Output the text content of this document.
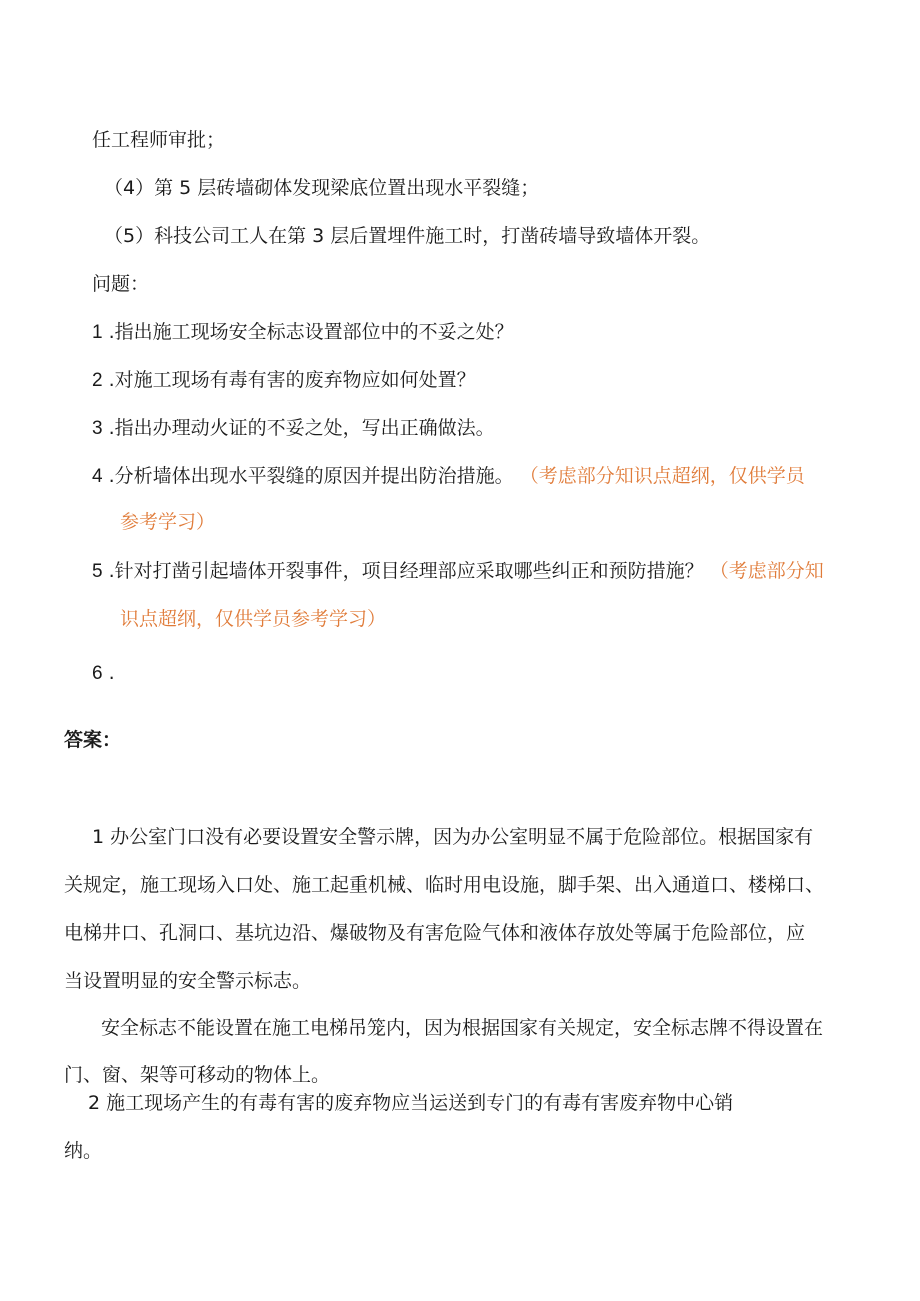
任工程师审批；
（4）第 5 层砖墙砌体发现梁底位置出现水平裂缝；
（5）科技公司工人在第 3 层后置埋件施工时，打凿砖墙导致墙体开裂。
问题：
1 .指出施工现场安全标志设置部位中的不妥之处？
2 .对施工现场有毒有害的废弃物应如何处置？
3 .指出办理动火证的不妥之处，写出正确做法。
4 .分析墙体出现水平裂缝的原因并提出防治措施。 （考虑部分知识点超纲，仅供学员
参考学习）
5 .针对打凿引起墙体开裂事件，项目经理部应采取哪些纠正和预防措施？ （考虑部分知
识点超纲，仅供学员参考学习）
6 .
答案：
1 办公室门口没有必要设置安全警示牌，因为办公室明显不属于危险部位。根据国家有
关规定，施工现场入口处、施工起重机械、临时用电设施，脚手架、出入通道口、楼梯口、
电梯井口、孔洞口、基坑边沿、爆破物及有害危险气体和液体存放处等属于危险部位，应
当设置明显的安全警示标志。
安全标志不能设置在施工电梯吊笼内，因为根据国家有关规定，安全标志牌不得设置在
门、窗、架等可移动的物体上。
2 施工现场产生的有毒有害的废弃物应当运送到专门的有毒有害废弃物中心销
纳。
